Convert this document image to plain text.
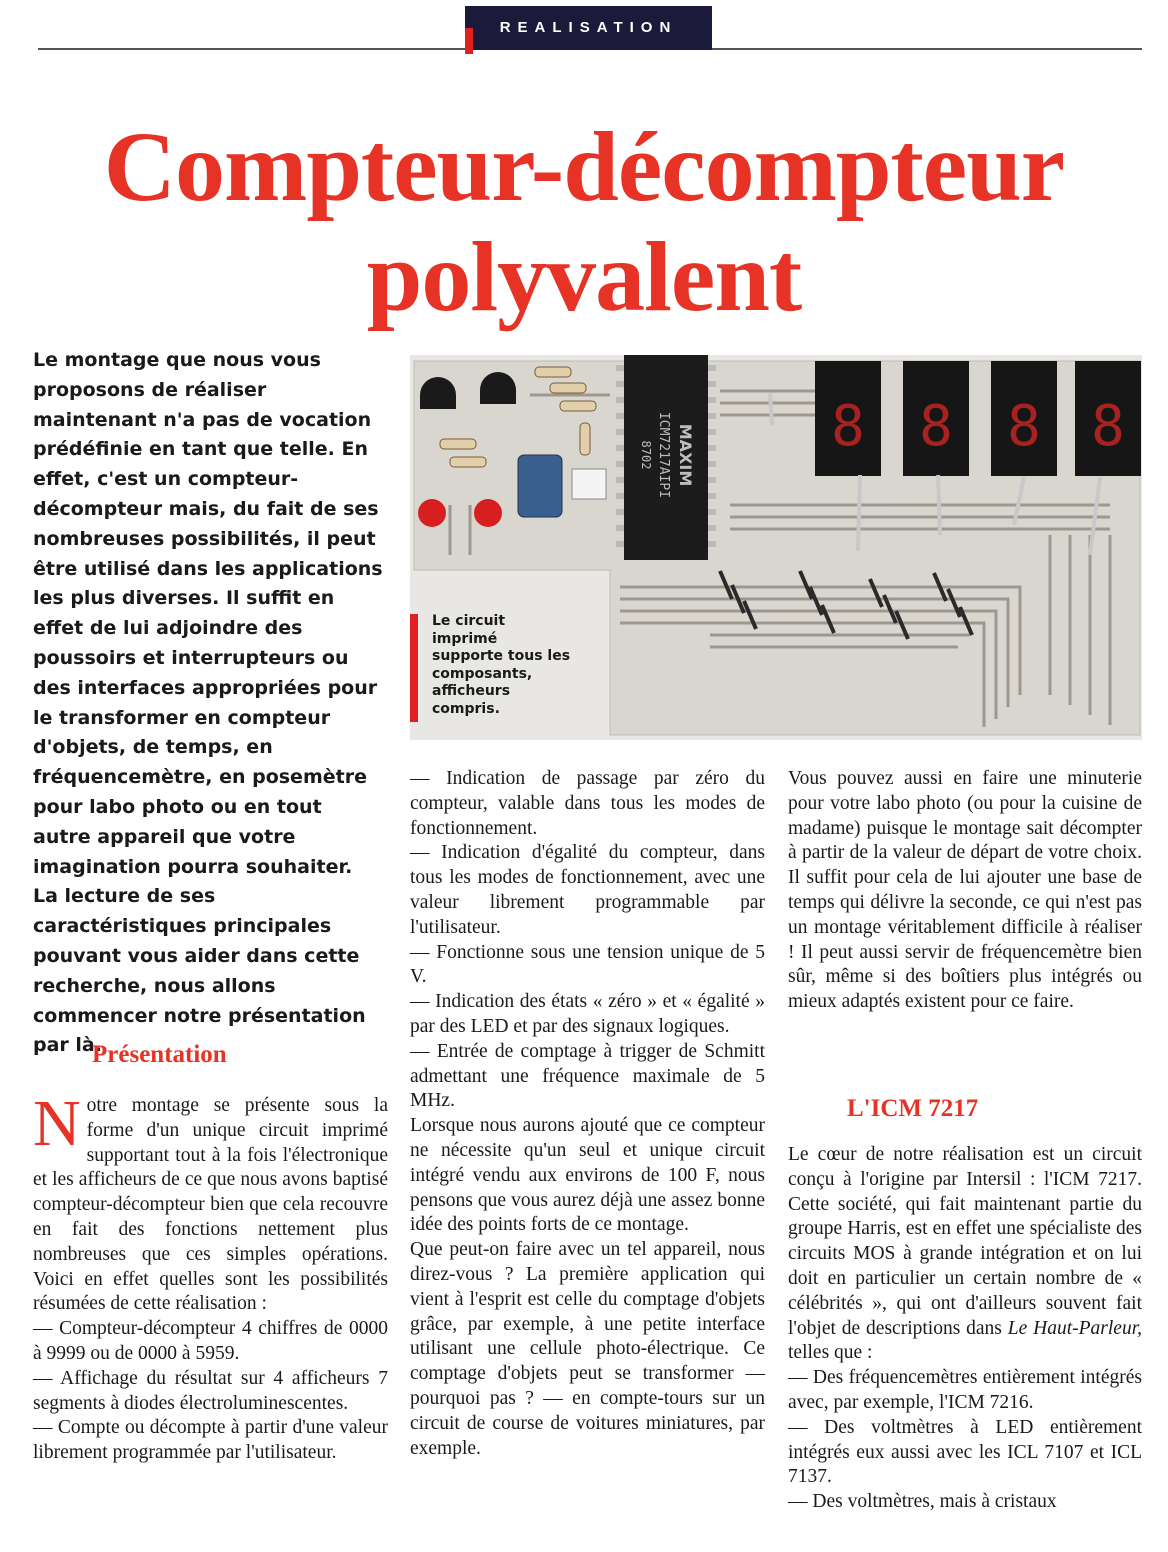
REALISATION
Compteur-décompteur
polyvalent

Le montage que nous vous proposons de réaliser maintenant n'a pas de vocation prédéfinie en tant que telle. En effet, c'est un compteur-décompteur mais, du fait de ses nombreuses possibilités, il peut être utilisé dans les applications les plus diverses. Il suffit en effet de lui adjoindre des poussoirs et interrupteurs ou des interfaces appropriées pour le transformer en compteur d'objets, de temps, en fréquencemètre, en posemètre pour labo photo ou en tout autre appareil que votre imagination pourra souhaiter. La lecture de ses caractéristiques principales pouvant vous aider dans cette recherche, nous allons commencer notre présentation par là.

MAXIM
ICM7217AIPI
8702	8 8 8 8

Le circuit imprimé supporte tous les composants, afficheurs compris.

Présentation

Notre montage se présente sous la forme d'un unique circuit imprimé supportant tout à la fois l'électronique et les afficheurs de ce que nous avons baptisé compteur-décompteur bien que cela recouvre en fait des fonctions nettement plus nombreuses que ces simples opérations. Voici en effet quelles sont les possibilités résumées de cette réalisation :

— Compteur-décompteur 4 chiffres de 0000 à 9999 ou de 0000 à 5959.

— Affichage du résultat sur 4 afficheurs 7 segments à diodes électroluminescentes.

— Compte ou décompte à partir d'une valeur librement programmée par l'utilisateur.

— Indication de passage par zéro du compteur, valable dans tous les modes de fonctionnement.

— Indication d'égalité du compteur, dans tous les modes de fonctionnement, avec une valeur librement programmable par l'utilisateur.

— Fonctionne sous une tension unique de 5 V.

— Indication des états « zéro » et « égalité » par des LED et par des signaux logiques.

— Entrée de comptage à trigger de Schmitt admettant une fréquence maximale de 5 MHz.

Lorsque nous aurons ajouté que ce compteur ne nécessite qu'un seul et unique circuit intégré vendu aux environs de 100 F, nous pensons que vous aurez déjà une assez bonne idée des points forts de ce montage.

Que peut-on faire avec un tel appareil, nous direz-vous ? La première application qui vient à l'esprit est celle du comptage d'objets grâce, par exemple, à une petite interface utilisant une cellule photo-électrique. Ce comptage d'objets peut se transformer —pourquoi pas ? — en compte-tours sur un circuit de course de voitures miniatures, par exemple.

Vous pouvez aussi en faire une minuterie pour votre labo photo (ou pour la cuisine de madame) puisque le montage sait décompter à partir de la valeur de départ de votre choix. Il suffit pour cela de lui ajouter une base de temps qui délivre la seconde, ce qui n'est pas un montage véritablement difficile à réaliser ! Il peut aussi servir de fréquencemètre bien sûr, même si des boîtiers plus intégrés ou mieux adaptés existent pour ce faire.

L'ICM 7217

Le cœur de notre réalisation est un circuit conçu à l'origine par Intersil : l'ICM 7217. Cette société, qui fait maintenant partie du groupe Harris, est en effet une spécialiste des circuits MOS à grande intégration et on lui doit en particulier un certain nombre de « célébrités », qui ont d'ailleurs souvent fait l'objet de descriptions dans Le Haut-Parleur, telles que :

— Des fréquencemètres entièrement intégrés avec, par exemple, l'ICM 7216.

— Des voltmètres à LED entièrement intégrés eux aussi avec les ICL 7107 et ICL 7137.

— Des voltmètres, mais à cristaux
